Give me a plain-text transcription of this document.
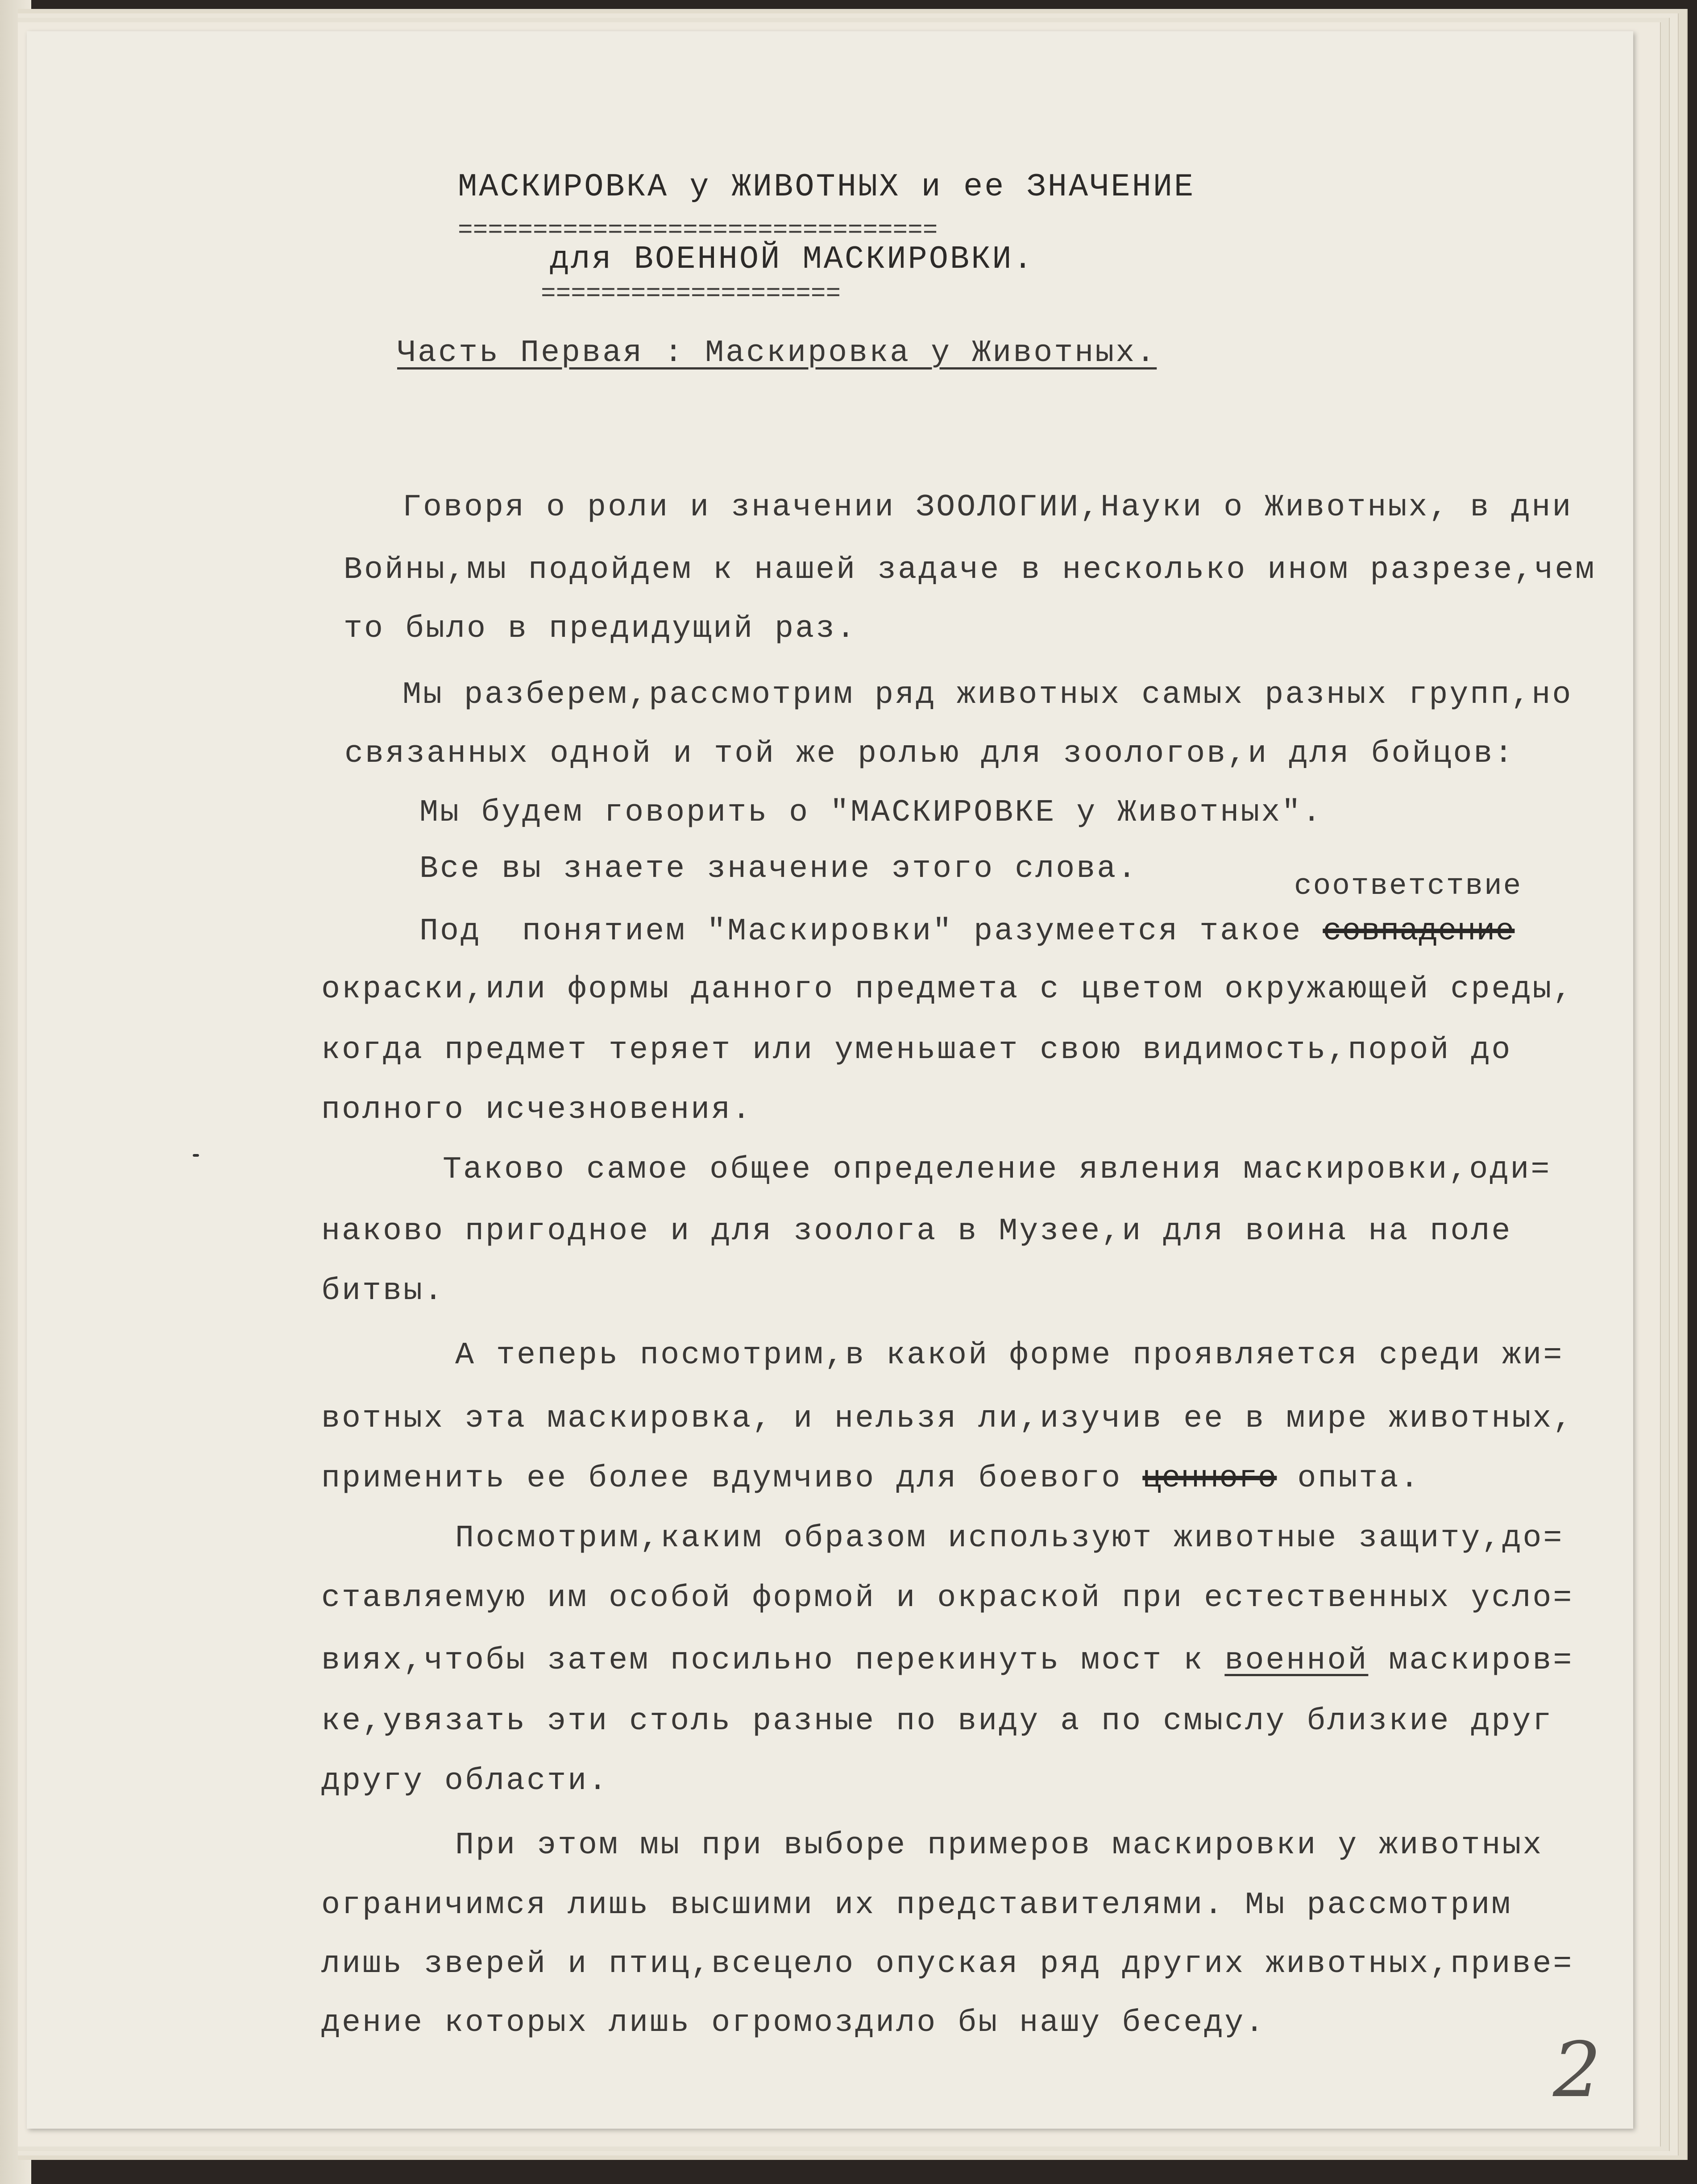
МАСКИРОВКА у ЖИВОТНЫХ и ее ЗНАЧЕНИЕ
================================
для ВОЕННОЙ МАСКИРОВКИ.
====================
Часть Первая : Маскировка у Животных.
Говоря о роли и значении ЗООЛОГИИ,Науки о Животных, в дни
Войны,мы подойдем к нашей задаче в несколько ином разрезе,чем
то было в предидущий раз.
Мы разберем,рассмотрим ряд животных самых разных групп,но
связанных одной и той же ролью для зоологов,и для бойцов:
Мы будем говорить о "МАСКИРОВКЕ у Животных".
Все вы знаете значение этого слова.	соответствие
Под  понятием "Маскировки" разумеется такое совпадение
окраски,или формы данного предмета с цветом окружающей среды,
когда предмет теряет или уменьшает свою видимость,порой до
полного исчезновения.
Таково самое общее определение явления маскировки,оди=
наково пригодное и для зоолога в Музее,и для воина на поле
битвы.
А теперь посмотрим,в какой форме проявляется среди жи=
вотных эта маскировка, и нельзя ли,изучив ее в мире животных,
применить ее более вдумчиво для боевого ценного опыта.
Посмотрим,каким образом используют животные защиту,до=
ставляемую им особой формой и окраской при естественных усло=
виях,чтобы затем посильно перекинуть мост к военной маскиров=
ке,увязать эти столь разные по виду а по смыслу близкие друг
другу области.
При этом мы при выборе примеров маскировки у животных
ограничимся лишь высшими их представителями. Мы рассмотрим
лишь зверей и птиц,всецело опуская ряд других животных,приве=
дение которых лишь огромоздило бы нашу беседу.
2
